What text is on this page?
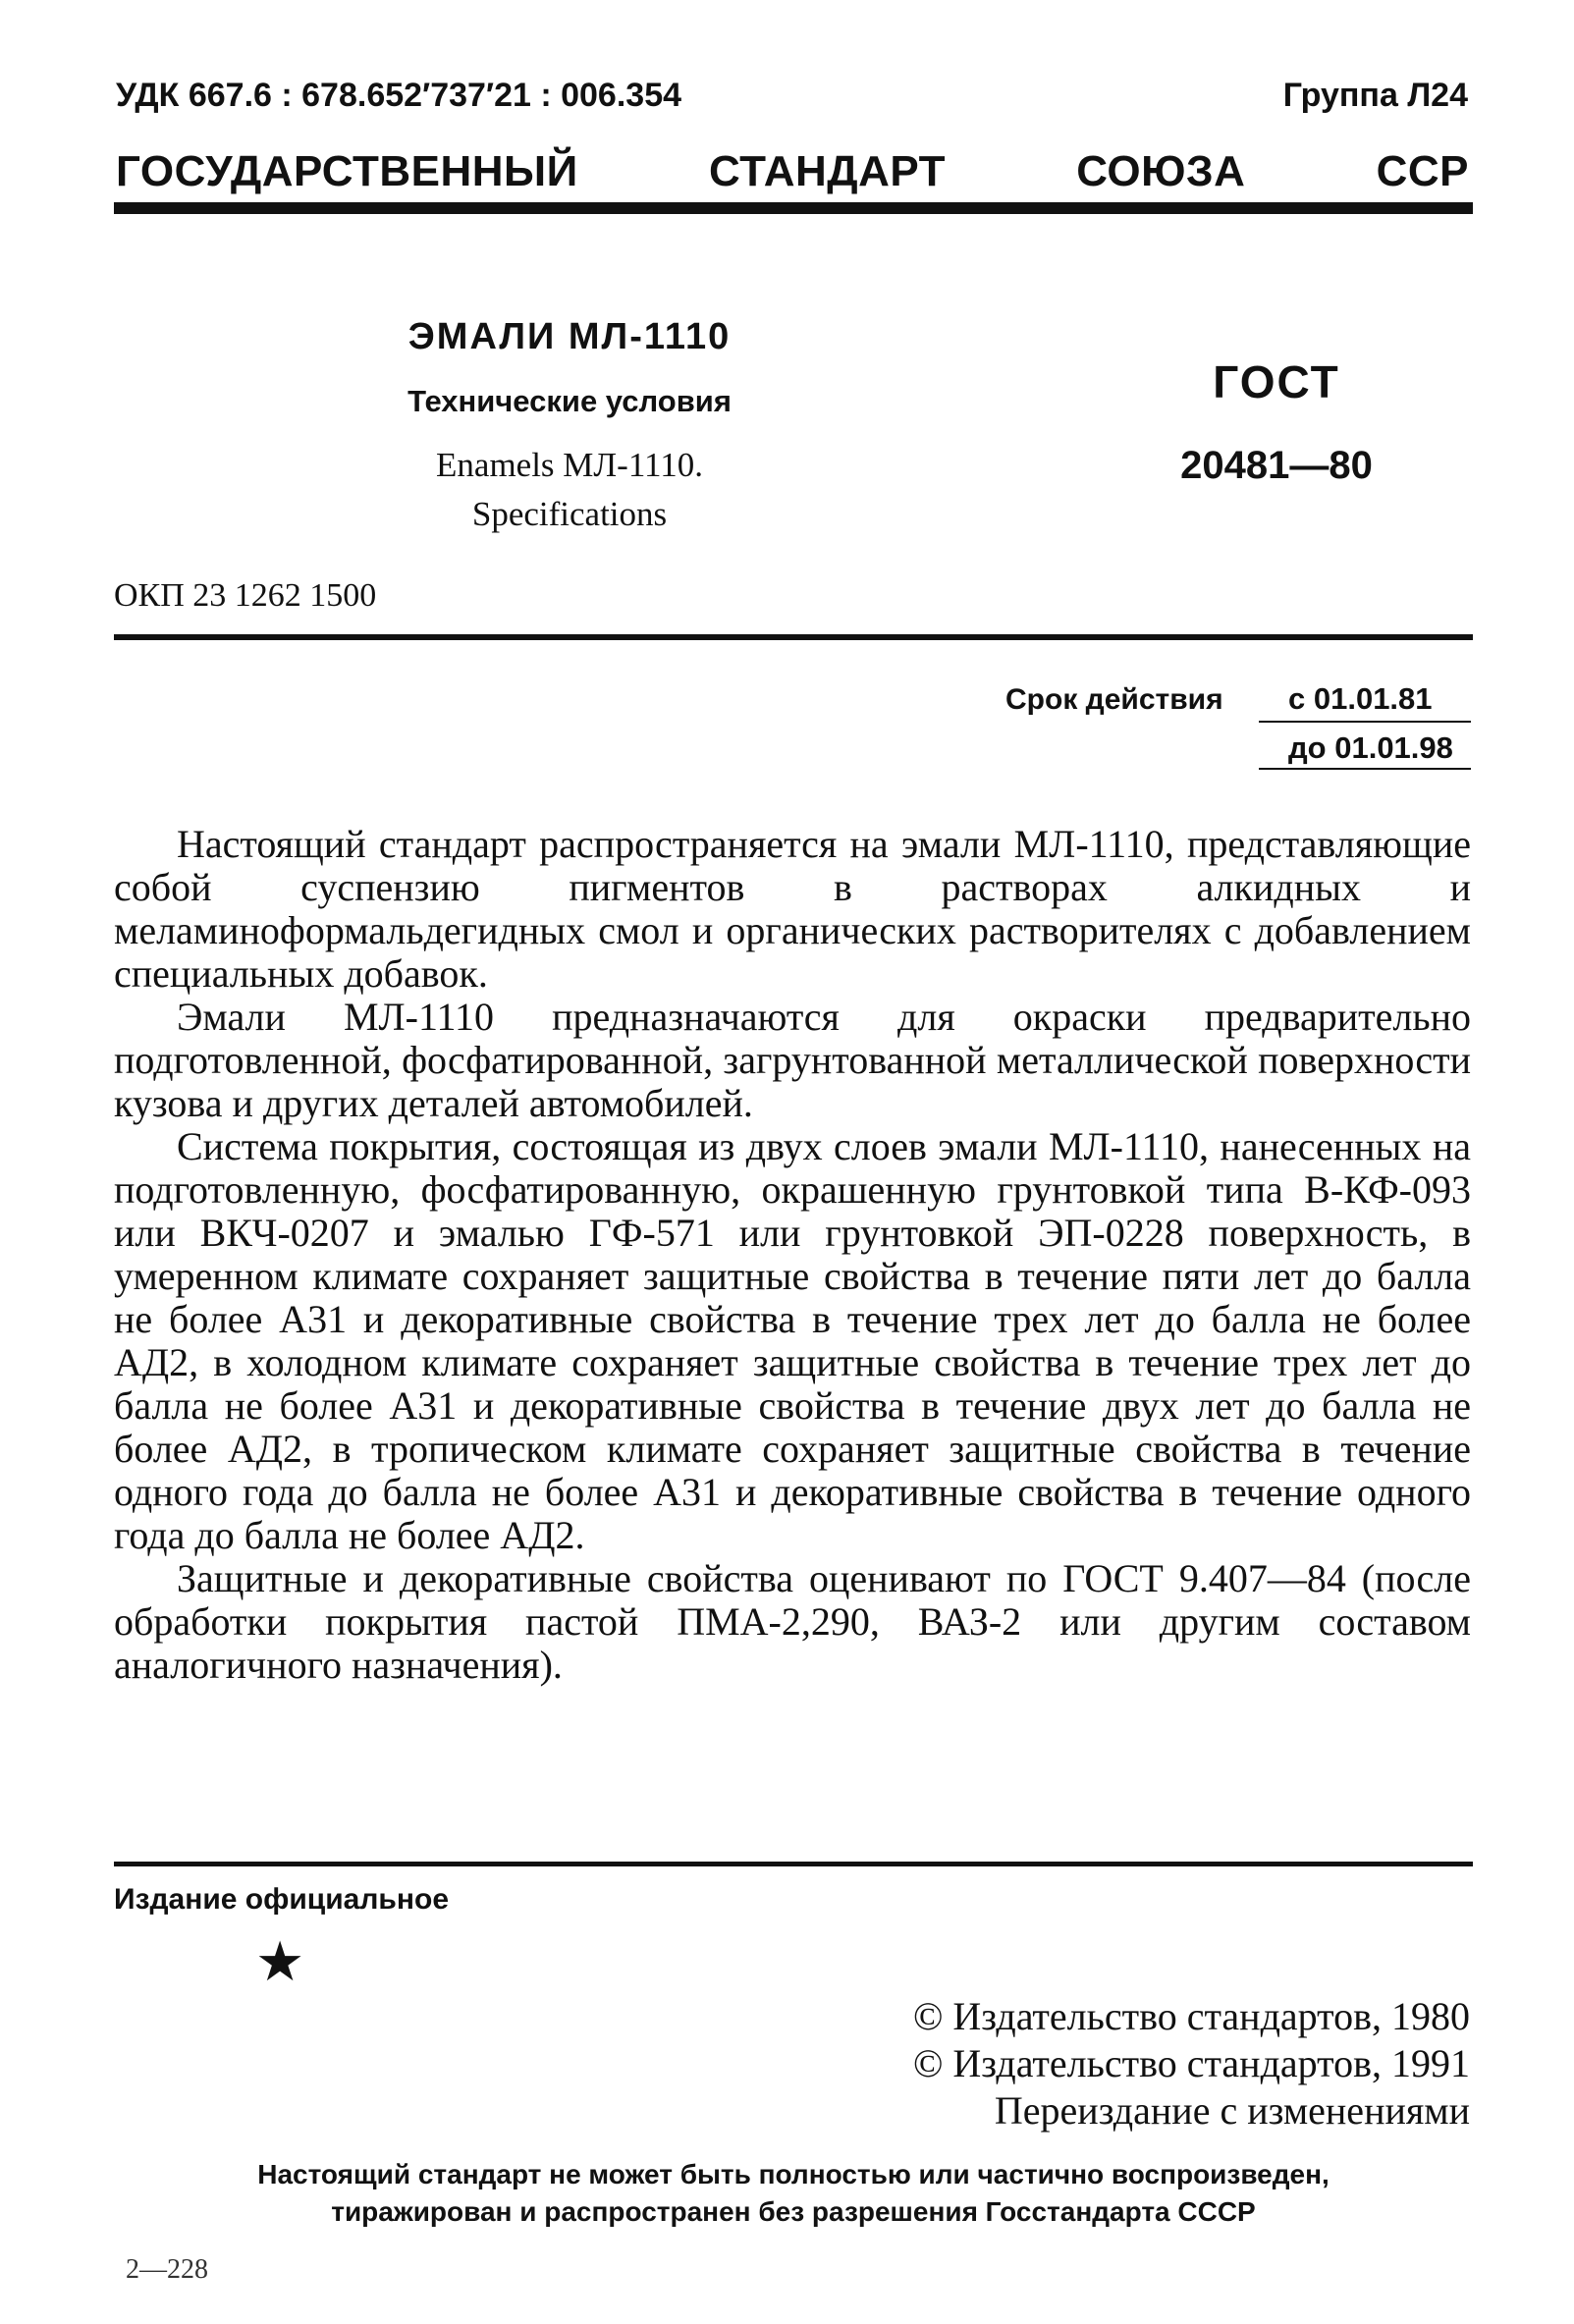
УДК 667.6 : 678.652′737′21 : 006.354	Группа Л24
ГОСУДАРСТВЕННЫЙ СТАНДАРТ СОЮЗА ССР
ЭМАЛИ МЛ-1110
Технические условия
Enamels МЛ-1110.
Specifications
ГОСТ
20481—80
ОКП 23 1262 1500
Срок действия с 01.01.81
до 01.01.98

Настоящий стандарт распространяется на эмали МЛ-1110, представляющие собой суспензию пигментов в растворах алкидных и меламиноформальдегидных смол и органических растворителях с добавлением специальных добавок.

Эмали МЛ-1110 предназначаются для окраски предварительно подготовленной, фосфатированной, загрунтованной металлической поверхности кузова и других деталей автомобилей.

Система покрытия, состоящая из двух слоев эмали МЛ-1110, нанесенных на подготовленную, фосфатированную, окрашенную грунтовкой типа В-КФ-093 или ВКЧ-0207 и эмалью ГФ-571 или грунтовкой ЭП-0228 поверхность, в умеренном климате сохраняет защитные свойства в течение пяти лет до балла не более А31 и декоративные свойства в течение трех лет до балла не более АД2, в холодном климате сохраняет защитные свойства в течение трех лет до балла не более А31 и декоративные свойства в течение двух лет до балла не более АД2, в тропическом климате сохраняет защитные свойства в течение одного года до балла не более А31 и декоративные свойства в течение одного года до балла не более АД2.

Защитные и декоративные свойства оценивают по ГОСТ 9.407—84 (после обработки покрытия пастой ПМА-2,290, ВАЗ-2 или другим составом аналогичного назначения).

Издание официальное
★
© Издательство стандартов, 1980
© Издательство стандартов, 1991
Переиздание с изменениями
Настоящий стандарт не может быть полностью или частично воспроизведен,
тиражирован и распространен без разрешения Госстандарта СССР
2—228
